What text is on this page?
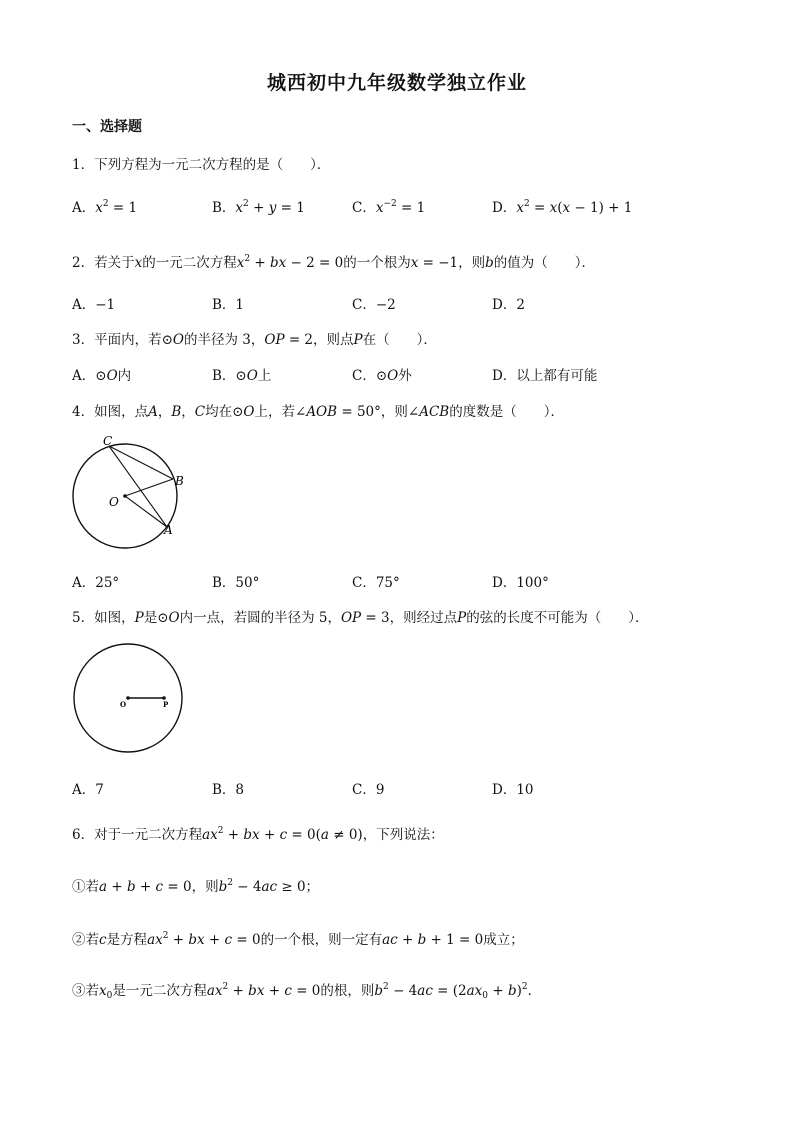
城西初中九年级数学独立作业
一、选择题
1．下列方程为一元二次方程的是（　　）．
A．$x^2 = 1$	B．$x^2 + y = 1$	C．$x^{-2} = 1$	D．$x^2 = x(x - 1) + 1$
2．若关于x的一元二次方程$x^2$ + bx − 2 = 0的一个根为x = −1，则b的值为（　　）．
A．−1	B．1	C．−2	D．2
3．平面内，若⊙O的半径为 3，OP = 2，则点P在（　　）．
A．⊙O内	B．⊙O上	C．⊙O外	D．以上都有可能
4．如图，点A，B，C均在⊙O上，若∠AOB = 50°，则∠ACB的度数是（　　）．
C
B
O
A
A．25°	B．50°	C．75°	D．100°
5．如图，P是⊙O内一点，若圆的半径为 5，OP = 3，则经过点P的弦的长度不可能为（　　）．
O	P
A．7	B．8	C．9	D．10
6．对于一元二次方程$ax^2$ + bx + c = 0(a ≠ 0)，下列说法：
①若a + b + c = 0，则$b^2 - 4ac \ge 0$；
②若c是方程$ax^2$ + bx + c = 0的一个根，则一定有ac + b + 1 = 0成立；
③若$x_0$是一元二次方程$ax^2$ + bx + c = 0的根，则$b^2 - 4ac = (2ax_0 + b)^2$．
